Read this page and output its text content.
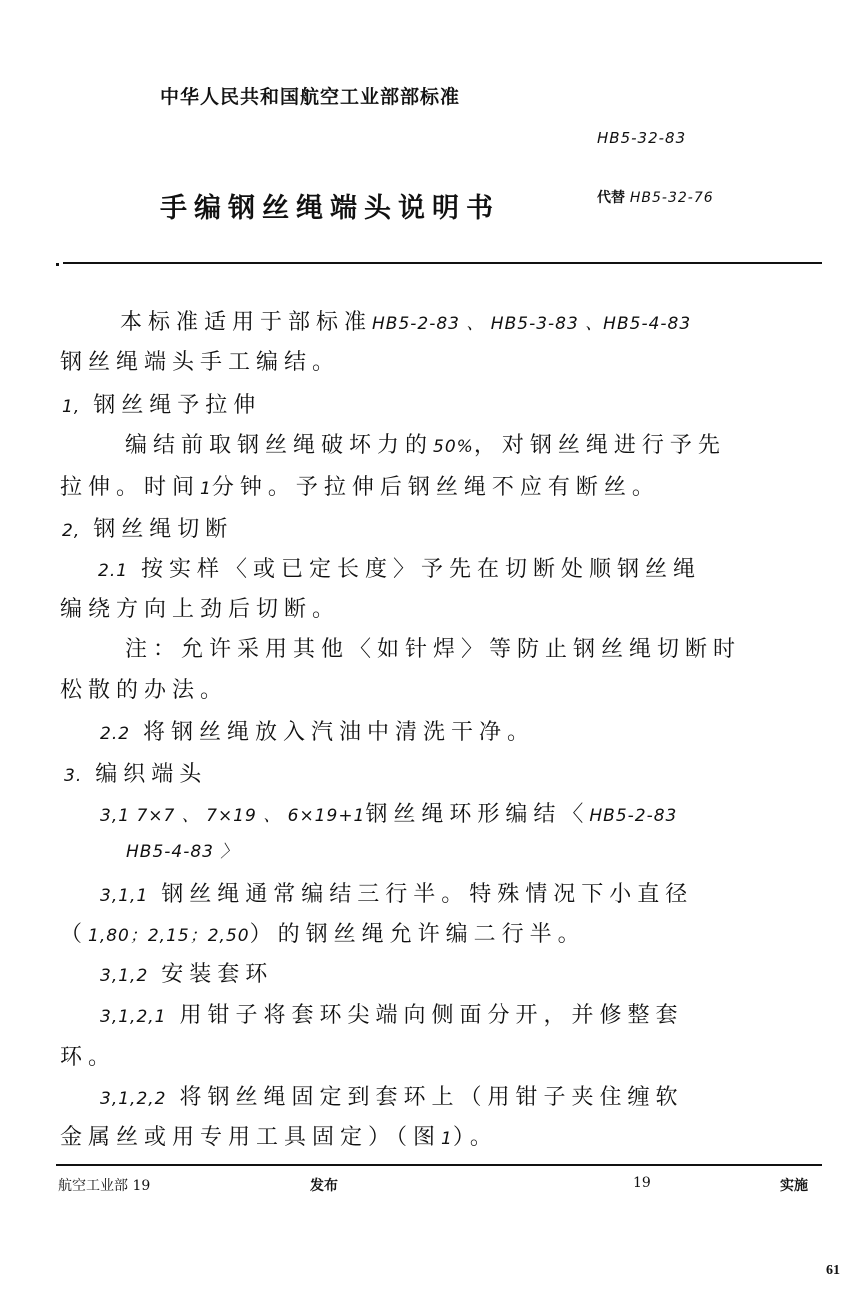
中华人民共和国航空工业部部标准
HB5-32-83
手编钢丝绳端头说明书	代替 HB5-32-76
本标准适用于部标准HB5-2-83 、 HB5-3-83 、HB5-4-83
钢丝绳端头手工编结。
1, 钢丝绳予拉伸
编结前取钢丝绳破坏力的50%，对钢丝绳进行予先
拉伸。时间1分钟。予拉伸后钢丝绳不应有断丝。
2, 钢丝绳切断
2.1 按实样〈或已定长度〉予先在切断处顺钢丝绳
编绕方向上劲后切断。
注：允许采用其他〈如针焊〉等防止钢丝绳切断时
松散的办法。
2.2 将钢丝绳放入汽油中清洗干净。
3. 编织端头
3,1 7×7 、 7×19 、 6×19+1钢丝绳环形编结〈HB5-2-83
HB5-4-83 〉
3,1,1 钢丝绳通常编结三行半。特殊情况下小直径
（1,80；2,15；2,50）的钢丝绳允许编二行半。
3,1,2 安装套环
3,1,2,1 用钳子将套环尖端向侧面分开，并修整套
环。
3,1,2,2 将钢丝绳固定到套环上（用钳子夹住缠软
金属丝或用专用工具固定）（图1）。
航空工业部 19	发布	19	实施
61
